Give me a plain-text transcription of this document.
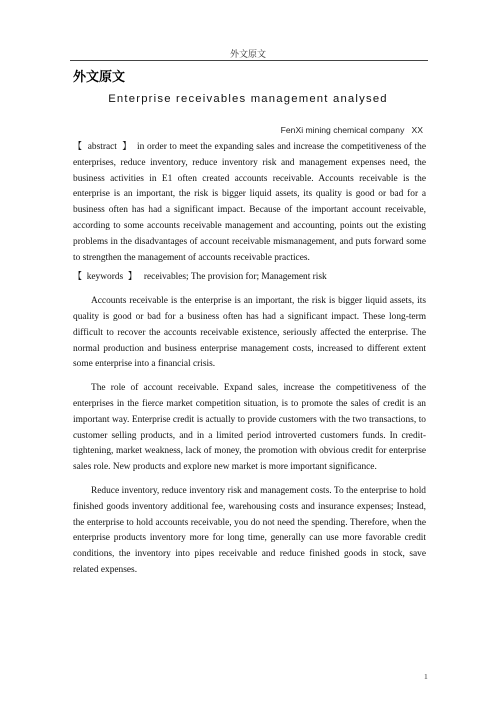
外文原文
外文原文
Enterprise receivables management analysed
FenXi mining chemical company   XX

【 abstract 】 in order to meet the expanding sales and increase the competitiveness of the enterprises, reduce inventory, reduce inventory risk and management expenses need, the business activities in E1 often created accounts receivable. Accounts receivable is the enterprise is an important, the risk is bigger liquid assets, its quality is good or bad for a business often has had a significant impact. Because of the important account receivable, according to some accounts receivable management and accounting, points out the existing problems in the disadvantages of account receivable mismanagement, and puts forward some to strengthen the management of accounts receivable practices.

【 keywords 】 receivables; The provision for; Management risk

Accounts receivable is the enterprise is an important, the risk is bigger liquid assets, its quality is good or bad for a business often has had a significant impact. These long-term difficult to recover the accounts receivable existence, seriously affected the enterprise. The normal production and business enterprise management costs, increased to different extent some enterprise into a financial crisis.

The role of account receivable. Expand sales, increase the competitiveness of the enterprises in the fierce market competition situation, is to promote the sales of credit is an important way. Enterprise credit is actually to provide customers with the two transactions, to customer selling products, and in a limited period introverted customers funds. In credit-tightening, market weakness, lack of money, the promotion with obvious credit for enterprise sales role. New products and explore new market is more important significance.

Reduce inventory, reduce inventory risk and management costs. To the enterprise to hold finished goods inventory additional fee, warehousing costs and insurance expenses; Instead, the enterprise to hold accounts receivable, you do not need the spending. Therefore, when the enterprise products inventory more for long time, generally can use more favorable credit conditions, the inventory into pipes receivable and reduce finished goods in stock, save related expenses.

1
